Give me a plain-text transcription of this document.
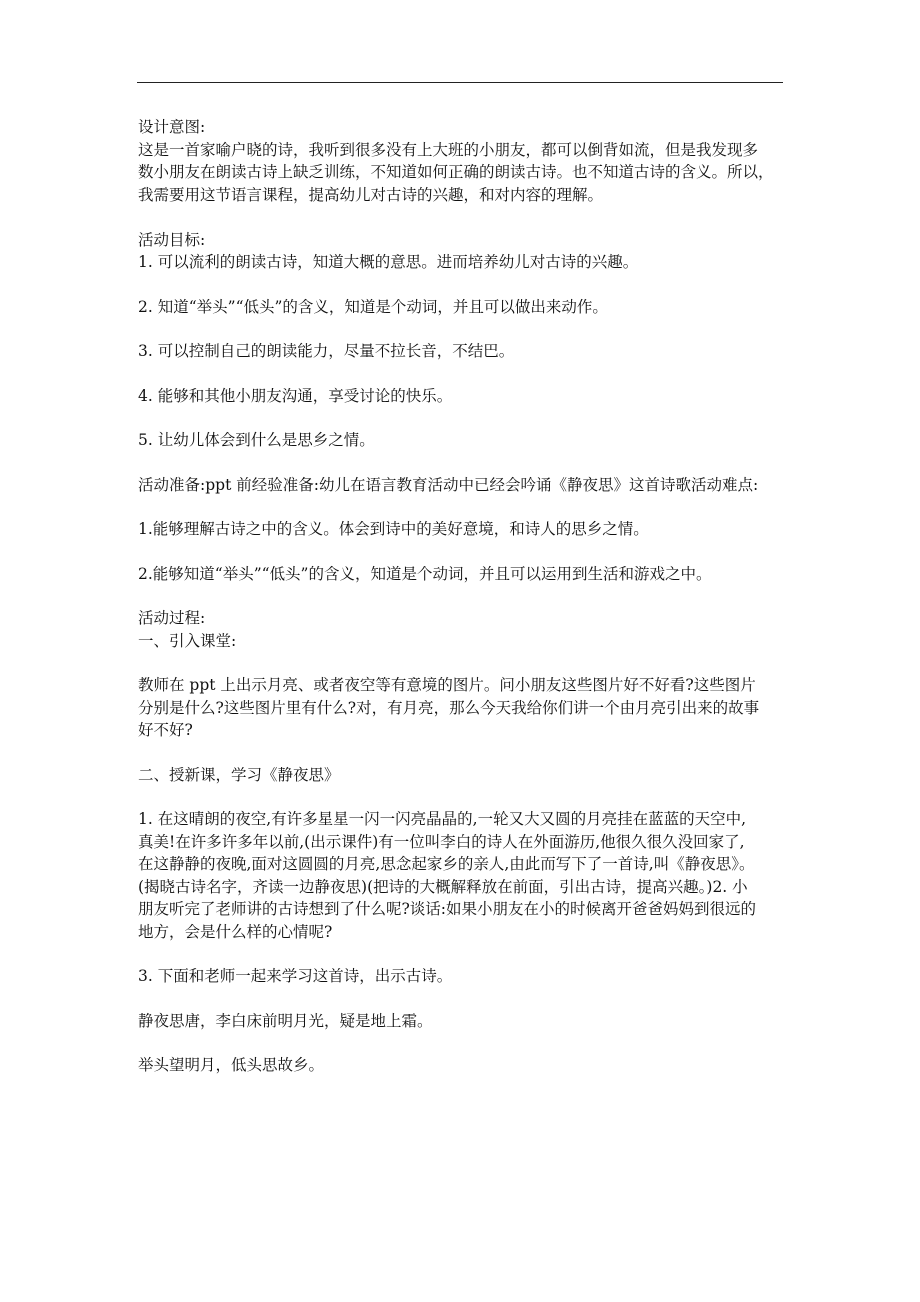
设计意图:

这是一首家喻户晓的诗，我听到很多没有上大班的小朋友，都可以倒背如流，但是我发现多
数小朋友在朗读古诗上缺乏训练，不知道如何正确的朗读古诗。也不知道古诗的含义。所以，
我需要用这节语言课程，提高幼儿对古诗的兴趣，和对内容的理解。

活动目标:

1. 可以流利的朗读古诗，知道大概的意思。进而培养幼儿对古诗的兴趣。

2. 知道“举头”“低头”的含义，知道是个动词，并且可以做出来动作。

3. 可以控制自己的朗读能力，尽量不拉长音，不结巴。

4. 能够和其他小朋友沟通，享受讨论的快乐。

5. 让幼儿体会到什么是思乡之情。

活动准备:ppt 前经验准备:幼儿在语言教育活动中已经会吟诵《静夜思》这首诗歌活动难点:

1.能够理解古诗之中的含义。体会到诗中的美好意境，和诗人的思乡之情。

2.能够知道“举头”“低头”的含义，知道是个动词，并且可以运用到生活和游戏之中。

活动过程:

一、引入课堂:

教师在 ppt 上出示月亮、或者夜空等有意境的图片。问小朋友这些图片好不好看?这些图片
分别是什么?这些图片里有什么?对，有月亮，那么今天我给你们讲一个由月亮引出来的故事
好不好?

二、授新课，学习《静夜思》

1. 在这晴朗的夜空,有许多星星一闪一闪亮晶晶的,一轮又大又圆的月亮挂在蓝蓝的天空中,
真美!在许多许多年以前,(出示课件)有一位叫李白的诗人在外面游历,他很久很久没回家了,
在这静静的夜晚,面对这圆圆的月亮,思念起家乡的亲人,由此而写下了一首诗,叫《静夜思》。
(揭晓古诗名字，齐读一边静夜思)(把诗的大概解释放在前面，引出古诗，提高兴趣。)2. 小
朋友听完了老师讲的古诗想到了什么呢?谈话:如果小朋友在小的时候离开爸爸妈妈到很远的
地方，会是什么样的心情呢?

3. 下面和老师一起来学习这首诗，出示古诗。

静夜思唐，李白床前明月光，疑是地上霜。

举头望明月，低头思故乡。
